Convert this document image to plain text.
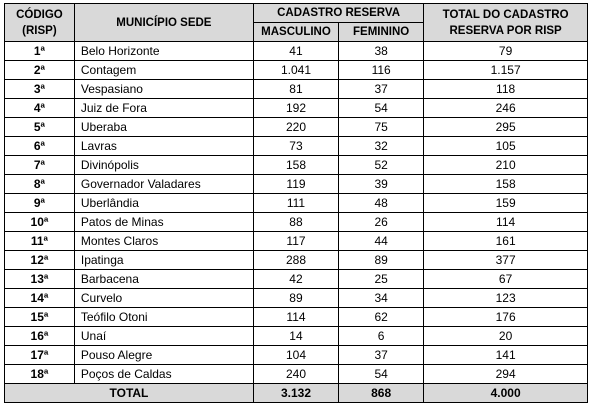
CÓDIGO
(RISP)	MUNICÍPIO SEDE	CADASTRO RESERVA		TOTAL DO CADASTRO
RESERVA POR RISP
		MASCULINO	FEMININO	
1ª	Belo Horizonte	41	38	79
2ª	Contagem	1.041	116	1.157
3ª	Vespasiano	81	37	118
4ª	Juiz de Fora	192	54	246
5ª	Uberaba	220	75	295
6ª	Lavras	73	32	105
7ª	Divinópolis	158	52	210
8ª	Governador Valadares	119	39	158
9ª	Uberlândia	111	48	159
10ª	Patos de Minas	88	26	114
11ª	Montes Claros	117	44	161
12ª	Ipatinga	288	89	377
13ª	Barbacena	42	25	67
14ª	Curvelo	89	34	123
15ª	Teófilo Otoni	114	62	176
16ª	Unaí	14	6	20
17ª	Pouso Alegre	104	37	141
18ª	Poços de Caldas	240	54	294
TOTAL		3.132	868	4.000
